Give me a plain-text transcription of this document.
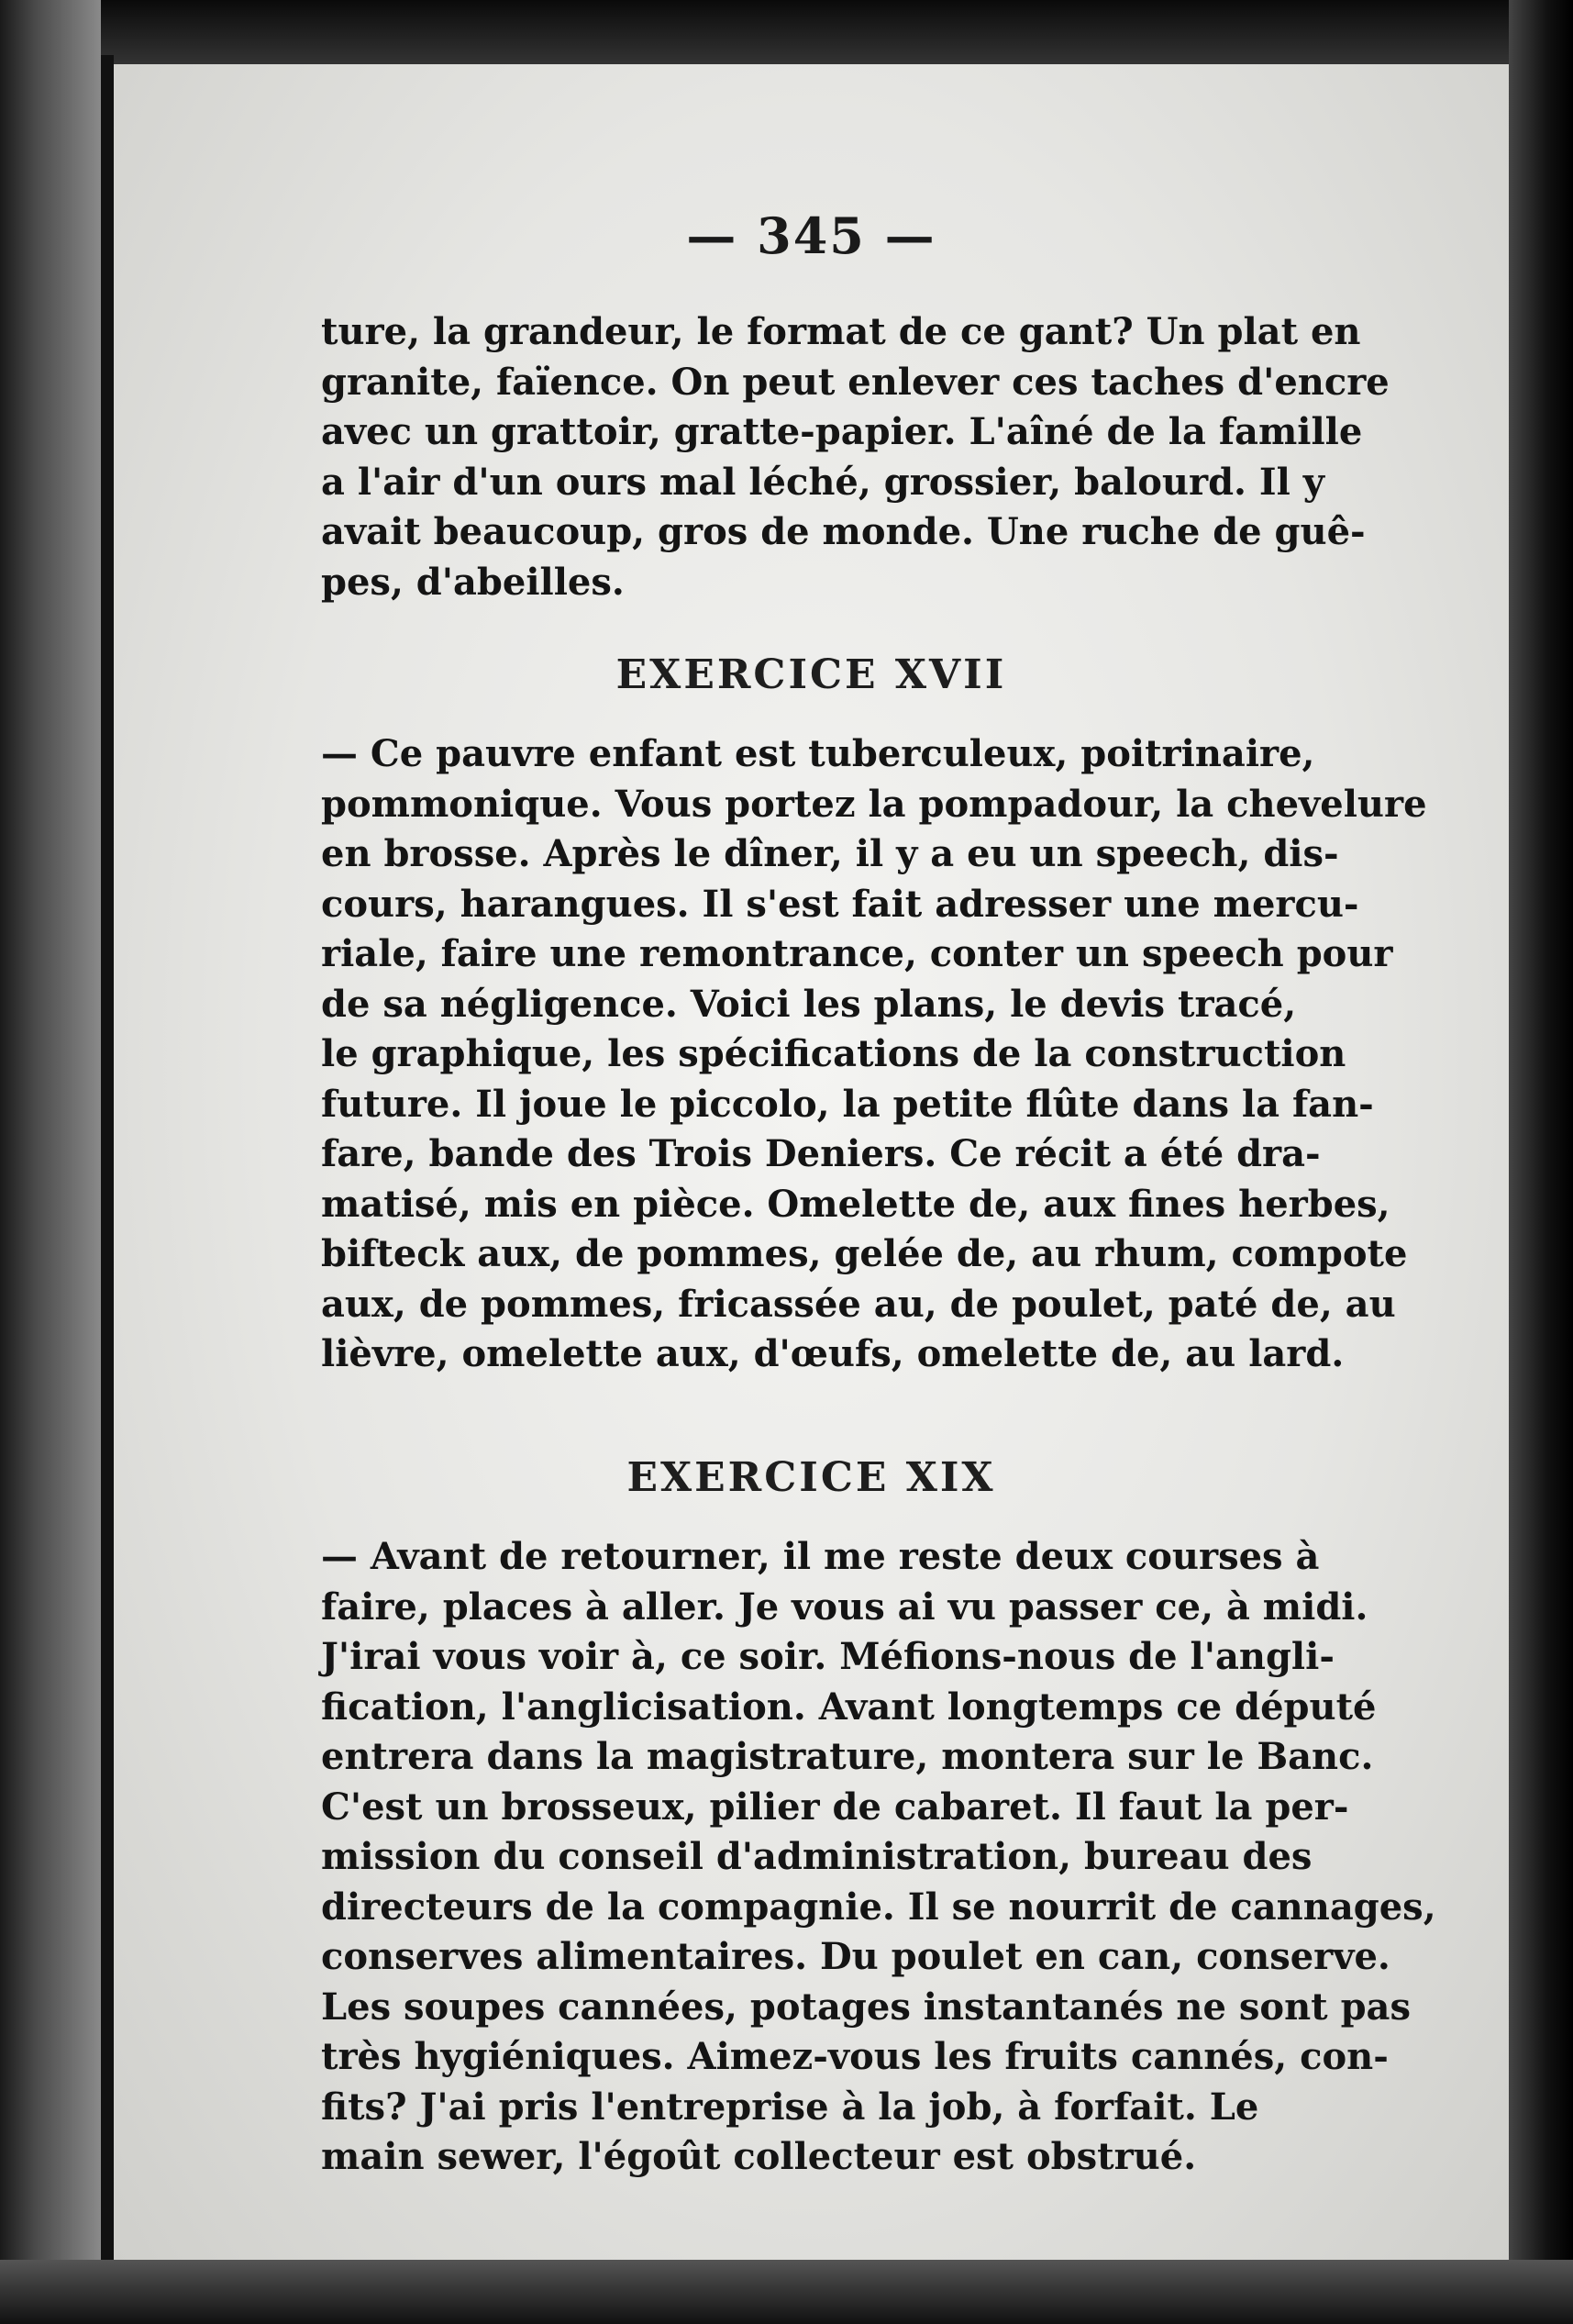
— 345 —

ture, la grandeur, le format de ce gant? Un plat en

granite, faïence. On peut enlever ces taches d'encre

avec un grattoir, gratte-papier. L'aîné de la famille

a l'air d'un ours mal léché, grossier, balourd. Il y

avait beaucoup, gros de monde. Une ruche de guê-

pes, d'abeilles.

EXERCICE XVII

— Ce pauvre enfant est tuberculeux, poitrinaire,

pommonique. Vous portez la pompadour, la chevelure

en brosse. Après le dîner, il y a eu un speech, dis-

cours, harangues. Il s'est fait adresser une mercu-

riale, faire une remontrance, conter un speech pour

de sa négligence. Voici les plans, le devis tracé,

le graphique, les spécifications de la construction

future. Il joue le piccolo, la petite flûte dans la fan-

fare, bande des Trois Deniers. Ce récit a été dra-

matisé, mis en pièce. Omelette de, aux fines herbes,

bifteck aux, de pommes, gelée de, au rhum, compote

aux, de pommes, fricassée au, de poulet, paté de, au

lièvre, omelette aux, d'œufs, omelette de, au lard.

EXERCICE XIX

— Avant de retourner, il me reste deux courses à

faire, places à aller. Je vous ai vu passer ce, à midi.

J'irai vous voir à, ce soir. Méfions-nous de l'angli-

fication, l'anglicisation. Avant longtemps ce député

entrera dans la magistrature, montera sur le Banc.

C'est un brosseux, pilier de cabaret. Il faut la per-

mission du conseil d'administration, bureau des

directeurs de la compagnie. Il se nourrit de cannages,

conserves alimentaires. Du poulet en can, conserve.

Les soupes cannées, potages instantanés ne sont pas

très hygiéniques. Aimez-vous les fruits cannés, con-

fits? J'ai pris l'entreprise à la job, à forfait. Le

main sewer, l'égoût collecteur est obstrué.
